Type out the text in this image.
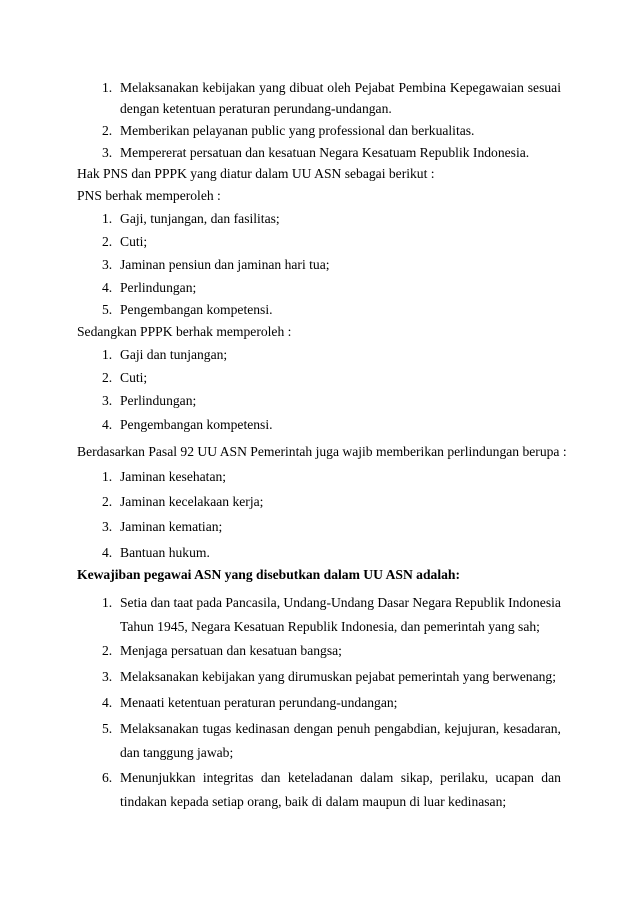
1. Melaksanakan kebijakan yang dibuat oleh Pejabat Pembina Kepegawaian sesuai
dengan ketentuan peraturan perundang-undangan.
2. Memberikan pelayanan public yang professional dan berkualitas.
3. Mempererat persatuan dan kesatuan Negara Kesatuam Republik Indonesia.
Hak PNS dan PPPK yang diatur dalam UU ASN sebagai berikut :
PNS berhak memperoleh :
1. Gaji, tunjangan, dan fasilitas;
2. Cuti;
3. Jaminan pensiun dan jaminan hari tua;
4. Perlindungan;
5. Pengembangan kompetensi.
Sedangkan PPPK berhak memperoleh :
1. Gaji dan tunjangan;
2. Cuti;
3. Perlindungan;
4. Pengembangan kompetensi.
Berdasarkan Pasal 92 UU ASN Pemerintah juga wajib memberikan perlindungan berupa :
1. Jaminan kesehatan;
2. Jaminan kecelakaan kerja;
3. Jaminan kematian;
4. Bantuan hukum.
Kewajiban pegawai ASN yang disebutkan dalam UU ASN adalah:
1. Setia dan taat pada Pancasila, Undang-Undang Dasar Negara Republik Indonesia
Tahun 1945, Negara Kesatuan Republik Indonesia, dan pemerintah yang sah;
2. Menjaga persatuan dan kesatuan bangsa;
3. Melaksanakan kebijakan yang dirumuskan pejabat pemerintah yang berwenang;
4. Menaati ketentuan peraturan perundang-undangan;
5. Melaksanakan tugas kedinasan dengan penuh pengabdian, kejujuran, kesadaran,
dan tanggung jawab;
6. Menunjukkan integritas dan keteladanan dalam sikap, perilaku, ucapan dan
tindakan kepada setiap orang, baik di dalam maupun di luar kedinasan;
